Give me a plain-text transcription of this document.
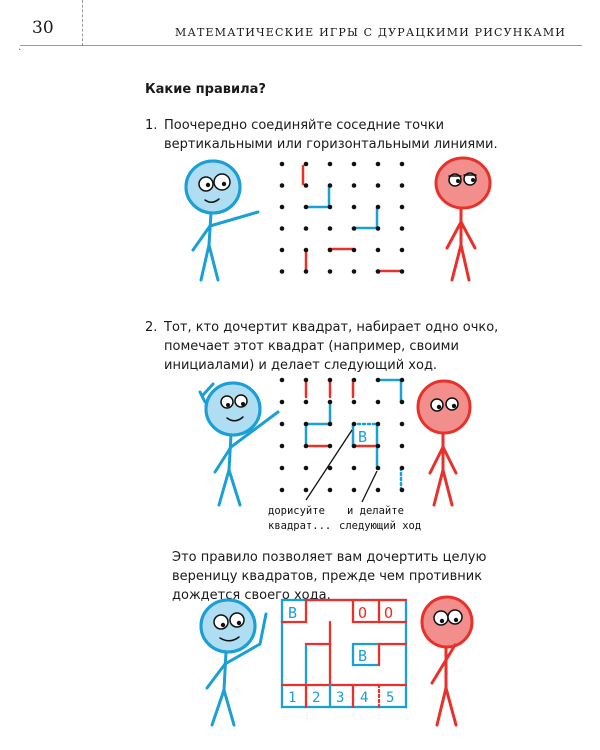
.
30	МАТЕМАТИЧЕСКИЕ ИГРЫ С ДУРАЦКИМИ РИСУНКАМИ
Какие правила?
1. Поочередно соединяйте соседние точки вертикальными или горизонтальными линиями.
2. Тот, кто дочертит квадрат, набирает одно очко, помечает этот квадрат (например, своими инициалами) и делает следующий ход.
Это правило позволяет вам дочертить целую вереницу квадратов, прежде чем противник дождется своего хода.
B
дорисуйте
квадрат...
и делайте
следующий ход
B	O O
B
1 2 3 4 5
